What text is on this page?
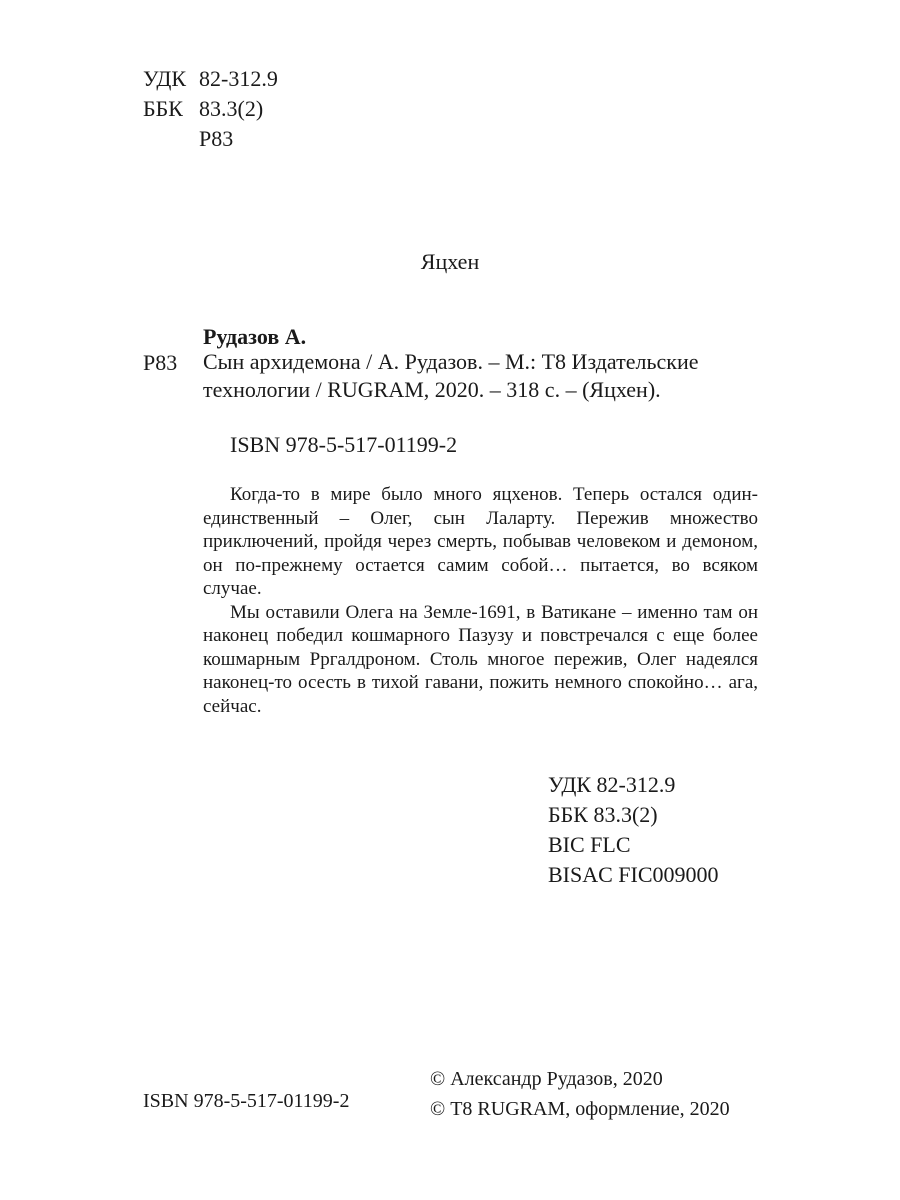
УДК 82-312.9
ББК 83.3(2)
Р83
Яцхен
Рудазов А.
Р83 Сын архидемона / А. Рудазов. – М.: Т8 Издательские
технологии / RUGRAM, 2020. – 318 с. – (Яцхен).
ISBN 978-5-517-01199-2

Когда-то в мире было много яцхенов. Теперь остался один-единственный – Олег, сын Лаларту. Пережив множество приключений, пройдя через смерть, побывав человеком и демоном, он по-прежнему остается самим собой… пытается, во всяком случае.

Мы оставили Олега на Земле-1691, в Ватикане – именно там он наконец победил кошмарного Пазузу и повстречался с еще более кошмарным Рргалдроном. Столь многое пережив, Олег надеялся наконец-то осесть в тихой гавани, пожить немного спокойно… ага, сейчас.

УДК 82-312.9
ББК 83.3(2)
BIC FLC
BISAC FIC009000
ISBN 978-5-517-01199-2
© Александр Рудазов, 2020
© Т8 RUGRAM, оформление, 2020
